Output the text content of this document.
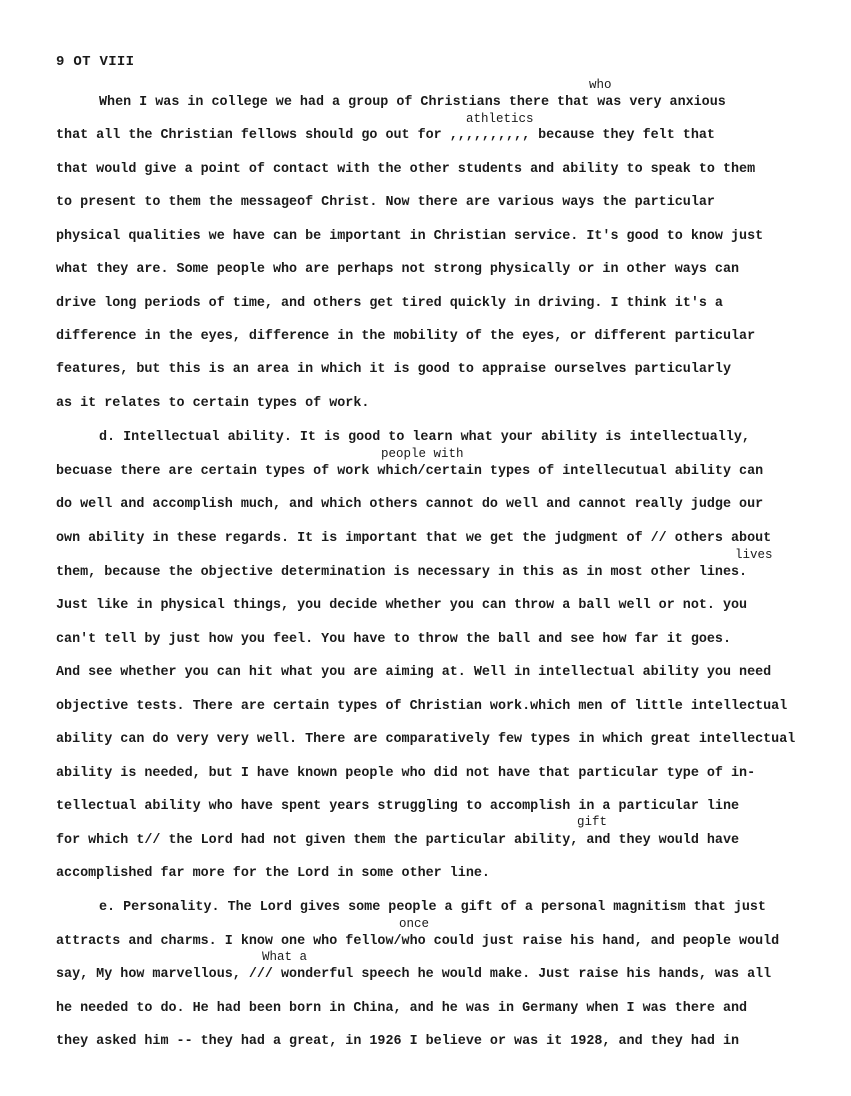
9 OT VIII
who
athletics
people with
lives
gift
once
What a
When I was in college we had a group of Christians there that was very anxious
that all the Christian fellows should go out for ,,,,,,,,,, because they felt that
that would give a point of contact with the other students and ability to speak to them
to present to them the messageof Christ. Now there are various ways the particular
physical qualities we have can be important in Christian service. It's good to know just
what they are. Some people who are perhaps not strong physically or in other ways can
drive long periods of time, and others get tired quickly in driving. I think it's a
difference in the eyes, difference in the mobility of the eyes, or different particular
features, but this is an area in which it is good to appraise ourselves particularly
as it relates to certain types of work.
d. Intellectual ability. It is good to learn what your ability is intellectually,
becuase there are certain types of work which/certain types of intellecutual ability can
do well and accomplish much, and which others cannot do well and cannot really judge our
own ability in these regards. It is important that we get the judgment of // others about
them, because the objective determination is necessary in this as in most other lines.
Just like in physical things, you decide whether you can throw a ball well or not. you
can't tell by just how you feel. You have to throw the ball and see how far it goes.
And see whether you can hit what you are aiming at. Well in intellectual ability you need
objective tests. There are certain types of Christian work.which men of little intellectual
ability can do very very well. There are comparatively few types in which great intellectual
ability is needed, but I have known people who did not have that particular type of in-
tellectual ability who have spent years struggling to accomplish in a particular line
for which t// the Lord had not given them the particular ability, and they would have
accomplished far more for the Lord in some other line.
e. Personality. The Lord gives some people a gift of a personal magnitism that just
attracts and charms. I know one who fellow/who could just raise his hand, and people would
say, My how marvellous, /// wonderful speech he would make. Just raise his hands, was all
he needed to do. He had been born in China, and he was in Germany when I was there and
they asked him -- they had a great, in 1926 I believe or was it 1928, and they had in
